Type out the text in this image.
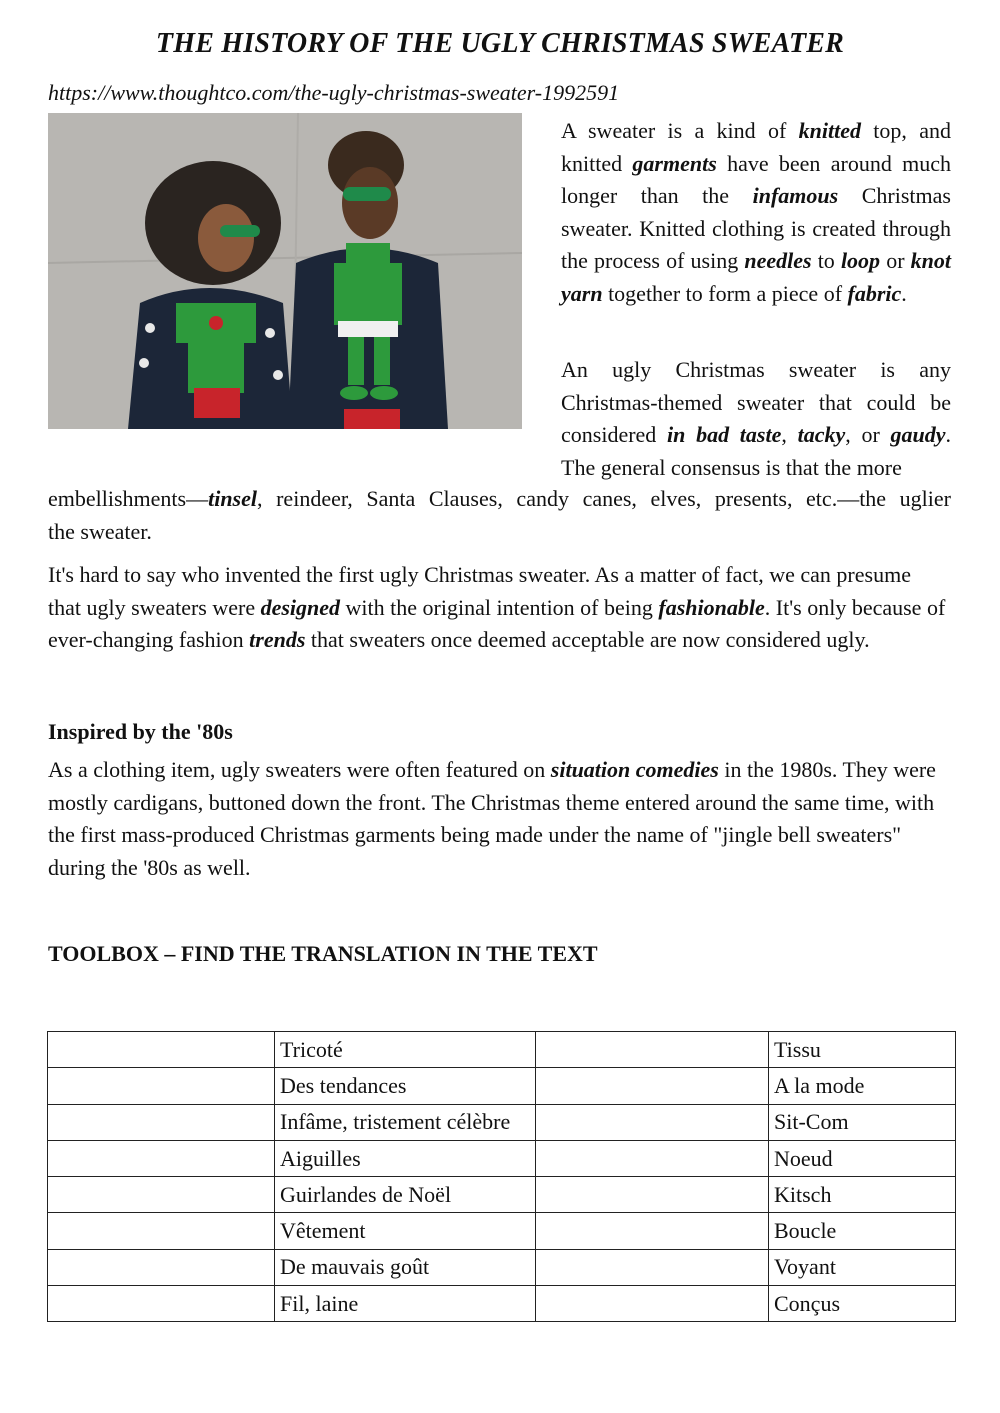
THE HISTORY OF THE UGLY CHRISTMAS SWEATER
https://www.thoughtco.com/the-ugly-christmas-sweater-1992591

A sweater is a kind of knitted top, and knitted garments have been around much longer than the infamous Christmas sweater. Knitted clothing is created through the process of using needles to loop or knot yarn together to form a piece of fabric.

An ugly Christmas sweater is any Christmas-themed sweater that could be considered in bad taste, tacky, or gaudy. The general consensus is that the more

embellishments—tinsel, reindeer, Santa Clauses, candy canes, elves, presents, etc.—the uglier
the sweater.

It's hard to say who invented the first ugly Christmas sweater. As a matter of fact, we can presume that ugly sweaters were designed with the original intention of being fashionable. It's only because of ever-changing fashion trends that sweaters once deemed acceptable are now considered ugly.

Inspired by the '80s

As a clothing item, ugly sweaters were often featured on situation comedies in the 1980s. They were mostly cardigans, buttoned down the front. The Christmas theme entered around the same time, with the first mass-produced Christmas garments being made under the name of "jingle bell sweaters" during the '80s as well.

TOOLBOX – FIND THE TRANSLATION IN THE TEXT
	Tricoté		Tissu
	Des tendances		A la mode
	Infâme, tristement célèbre		Sit-Com
	Aiguilles		Noeud
	Guirlandes de Noël		Kitsch
	Vêtement		Boucle
	De mauvais goût		Voyant
	Fil, laine		Conçus
